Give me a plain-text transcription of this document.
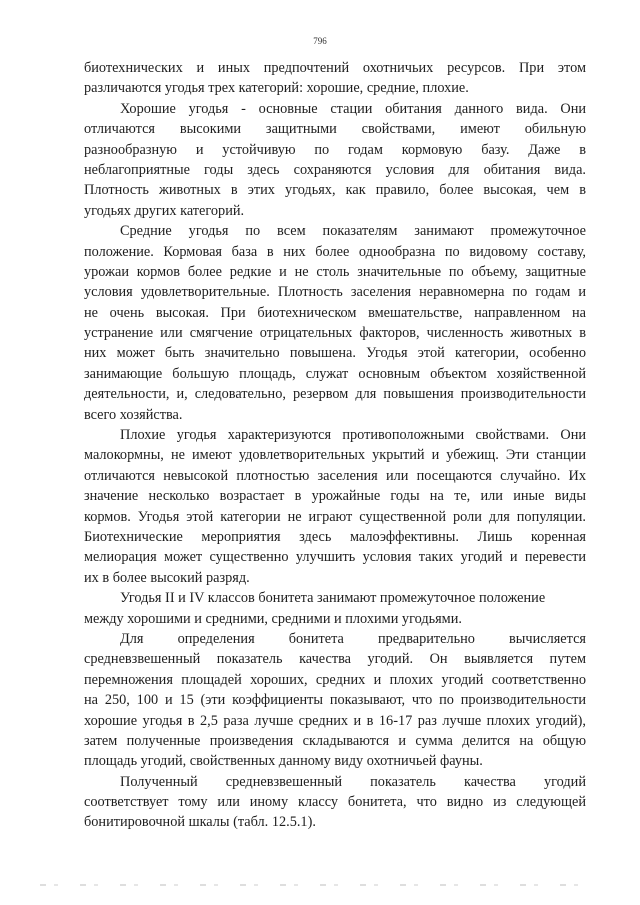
796
биотехнических и иных предпочтений охотничьих ресурсов. При этом
различаются угодья трех категорий: хорошие, средние, плохие.
Хорошие угодья - основные стации обитания данного вида. Они
отличаются высокими защитными свойствами, имеют обильную
разнообразную и устойчивую по годам кормовую базу. Даже в
неблагоприятные годы здесь сохраняются условия для обитания вида.
Плотность животных в этих угодьях, как правило, более высокая, чем в
угодьях других категорий.
Средние угодья по всем показателям занимают промежуточное
положение. Кормовая база в них более однообразна по видовому составу,
урожаи кормов более редкие и не столь значительные по объему, защитные
условия удовлетворительные. Плотность заселения неравномерна по годам и
не очень высокая. При биотехническом вмешательстве, направленном на
устранение или смягчение отрицательных факторов, численность животных в
них может быть значительно повышена. Угодья этой категории, особенно
занимающие большую площадь, служат основным объектом хозяйственной
деятельности, и, следовательно, резервом для повышения производительности
всего хозяйства.
Плохие угодья характеризуются противоположными свойствами. Они
малокормны, не имеют удовлетворительных укрытий и убежищ. Эти станции
отличаются невысокой плотностью заселения или посещаются случайно. Их
значение несколько возрастает в урожайные годы на те, или иные виды
кормов. Угодья этой категории не играют существенной роли для популяции.
Биотехнические мероприятия здесь малоэффективны. Лишь коренная
мелиорация может существенно улучшить условия таких угодий и перевести
их в более высокий разряд.
Угодья II и IV классов бонитета занимают промежуточное положение
между хорошими и средними, средними и плохими угодьями.
Для определения бонитета предварительно вычисляется
средневзвешенный показатель качества угодий. Он выявляется путем
перемножения площадей хороших, средних и плохих угодий соответственно
на 250, 100 и 15 (эти коэффициенты показывают, что по производительности
хорошие угодья в 2,5 раза лучше средних и в 16-17 раз лучше плохих угодий),
затем полученные произведения складываются и сумма делится на общую
площадь угодий, свойственных данному виду охотничьей фауны.
Полученный средневзвешенный показатель качества угодий
соответствует тому или иному классу бонитета, что видно из следующей
бонитировочной шкалы (табл. 12.5.1).
